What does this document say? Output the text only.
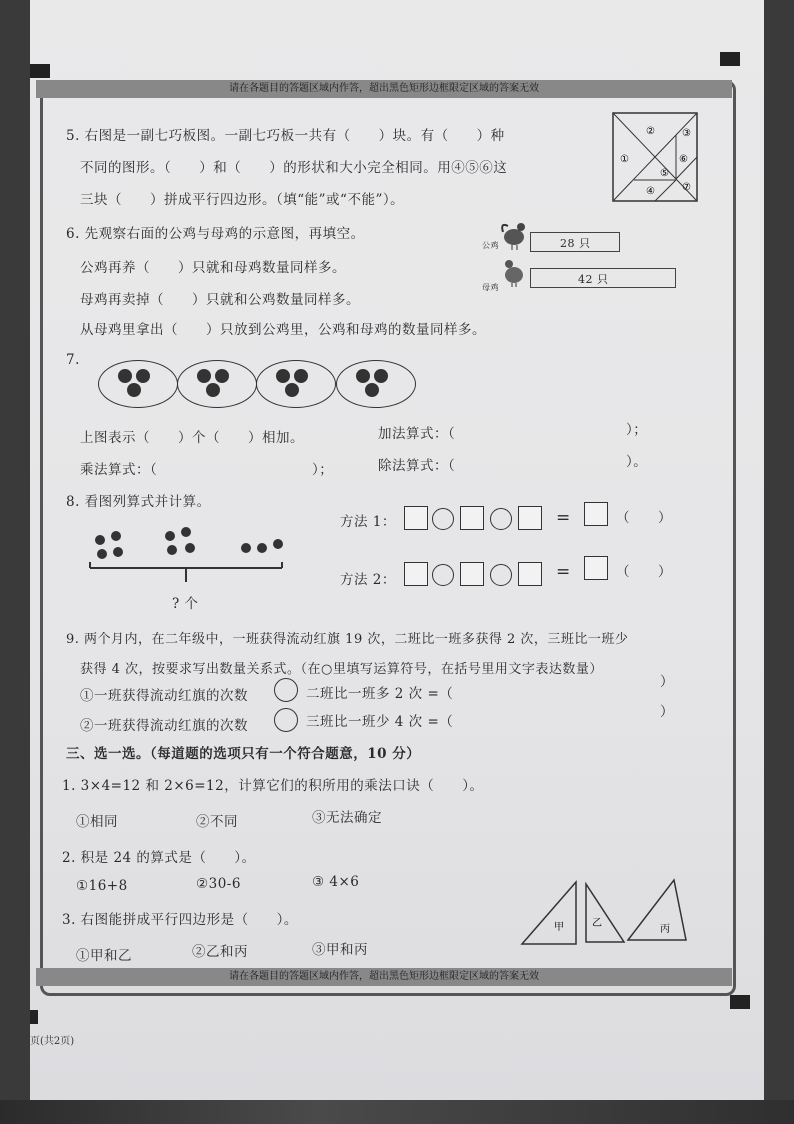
请在各题目的答题区域内作答，超出黑色矩形边框限定区域的答案无效
请在各题目的答题区域内作答，超出黑色矩形边框限定区域的答案无效
5. 右图是一副七巧板图。一副七巧板一共有（　　）块。有（　　）种
不同的图形。（　　）和（　　）的形状和大小完全相同。用④⑤⑥这
三块（　　）拼成平行四边形。（填“能”或“不能”）。
②	③
①	⑥
⑤
⑦
④
6. 先观察右面的公鸡与母鸡的示意图，再填空。
公鸡再养（　　）只就和母鸡数量同样多。
母鸡再卖掉（　　）只就和公鸡数量同样多。
从母鸡里拿出（　　）只放到公鸡里，公鸡和母鸡的数量同样多。
公鸡	28 只
母鸡
42 只
7.
上图表示（　　）个（　　）相加。	加法算式：（	）；
乘法算式：（	）；	除法算式：（	）。
8. 看图列算式并计算。
? 个
方法 1：	=	（　　）
方法 2：	=	（　　）
9. 两个月内，在二年级中，一班获得流动红旗 19 次，二班比一班多获得 2 次，三班比一班少
获得 4 次，按要求写出数量关系式。（在○里填写运算符号，在括号里用文字表达数量）
①一班获得流动红旗的次数	二班比一班多 2 次 =（
）
②一班获得流动红旗的次数	三班比一班少 4 次 =（
）
三、选一选。（每道题的选项只有一个符合题意，10 分）
1. 3×4=12 和 2×6=12，计算它们的积所用的乘法口诀（　　）。
①相同	②不同	③无法确定
2. 积是 24 的算式是（　　）。
①16+8	②30-6	③ 4×6
3. 右图能拼成平行四边形是（　　）。
①甲和乙	②乙和丙	③甲和丙
甲	乙
丙
页(共2页)
